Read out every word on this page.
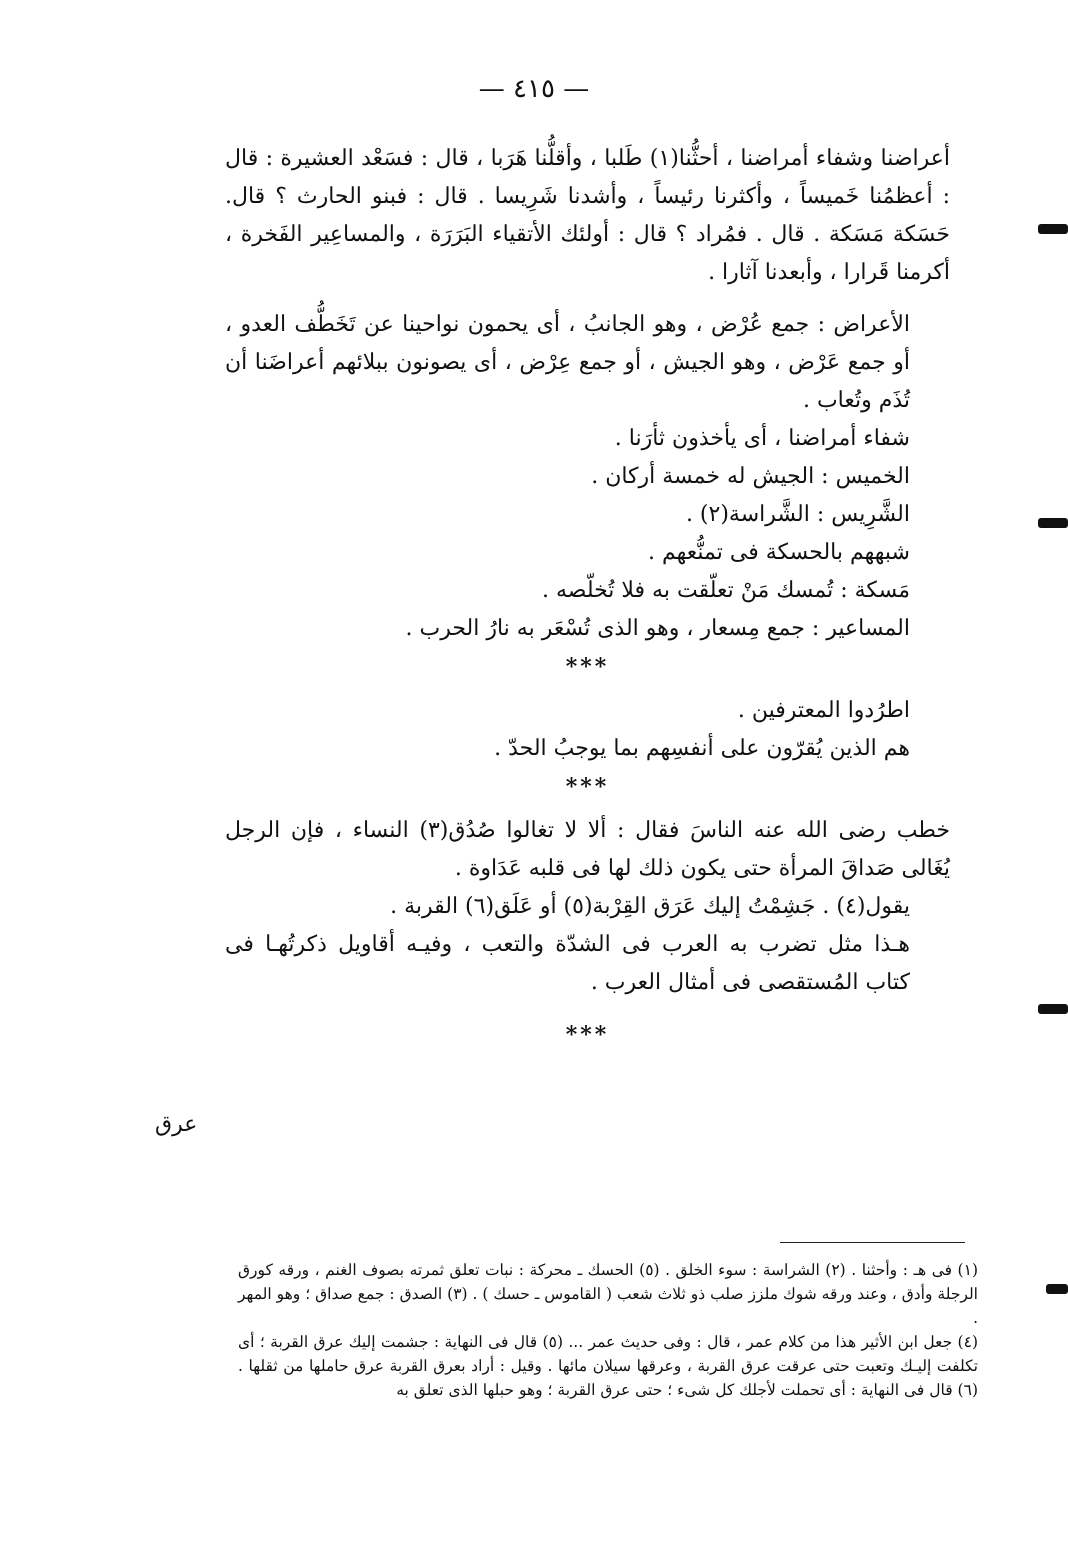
— ٤١٥ —

أعراضنا وشفاء أمراضنا ، أحثُّنا(١) طَلبا ، وأقلُّنا هَرَبا ، قال : فسَعْد العشيرة : قال : أعظمُنا خَميساً ، وأكثرنا رئيساً ، وأشدنا شَرِيسا . قال : فبنو الحارث ؟ قال. حَسَكة مَسَكة . قال . فمُراد ؟ قال : أولئك الأتقياء البَرَرَة ، والمساعِير الفَخرة ، أكرمنا قَرارا ، وأبعدنا آثارا .

الأعراض : جمع عُرْض ، وهو الجانبُ ، أى يحمون نواحينا عن تَخَطُّف العدو ، أو جمع عَرْض ، وهو الجيش ، أو جمع عِرْض ، أى يصونون ببلائهم أعراضَنا أن تُذَم وتُعاب .

شفاء أمراضنا ، أى يأخذون ثأرَنا .

الخميس : الجيش له خمسة أركان .

الشَّرِيس : الشَّراسة(٢) .

شبههم بالحسكة فى تمنُّعهم .

مَسكة : تُمسك مَنْ تعلّقت به فلا تُخلّصه .

المساعير : جمع مِسعار ، وهو الذى تُسْعَر به نارُ الحرب .

***

اطرُدوا المعترفين .

هم الذين يُقرّون على أنفسِهم بما يوجبُ الحدّ .

***

خطب رضى الله عنه الناسَ فقال : ألا لا تغالوا صُدُق(٣) النساء ، فإن الرجل يُغَالى صَداقَ المرأة حتى يكون ذلك لها فى قلبه عَدَاوة .

يقول(٤) . جَشِمْتُ إليك عَرَق القِرْبة(٥) أو عَلَق(٦) القربة .

هـذا مثل تضرب به العرب فى الشدّة والتعب ، وفيـه أقاويل ذكرتُهـا فى كتاب المُستقصى فى أمثال العرب .

***

عرق

(١) فى هـ : وأحثنا . (٢) الشراسة : سوء الخلق . (٥) الحسك ـ محركة : نبات تعلق ثمرته بصوف الغنم ، ورقه كورق الرجلة وأدق ، وعند ورقه شوك ملزز صلب ذو ثلاث شعب ( القاموس ـ حسك ) . (٣) الصدق : جمع صداق ؛ وهو المهر .

(٤) جعل ابن الأثير هذا من كلام عمر ، قال : وفى حديث عمر ... (٥) قال فى النهاية : جشمت إليك عرق القربة ؛ أى تكلفت إليـك وتعبت حتى عرقت عرق القربة ، وعرقها سيلان مائها . وقيل : أراد بعرق القربة عرق حاملها من ثقلها . (٦) قال فى النهاية : أى تحملت لأجلك كل شىء ؛ حتى عرق القربة ؛ وهو حبلها الذى تعلق به
